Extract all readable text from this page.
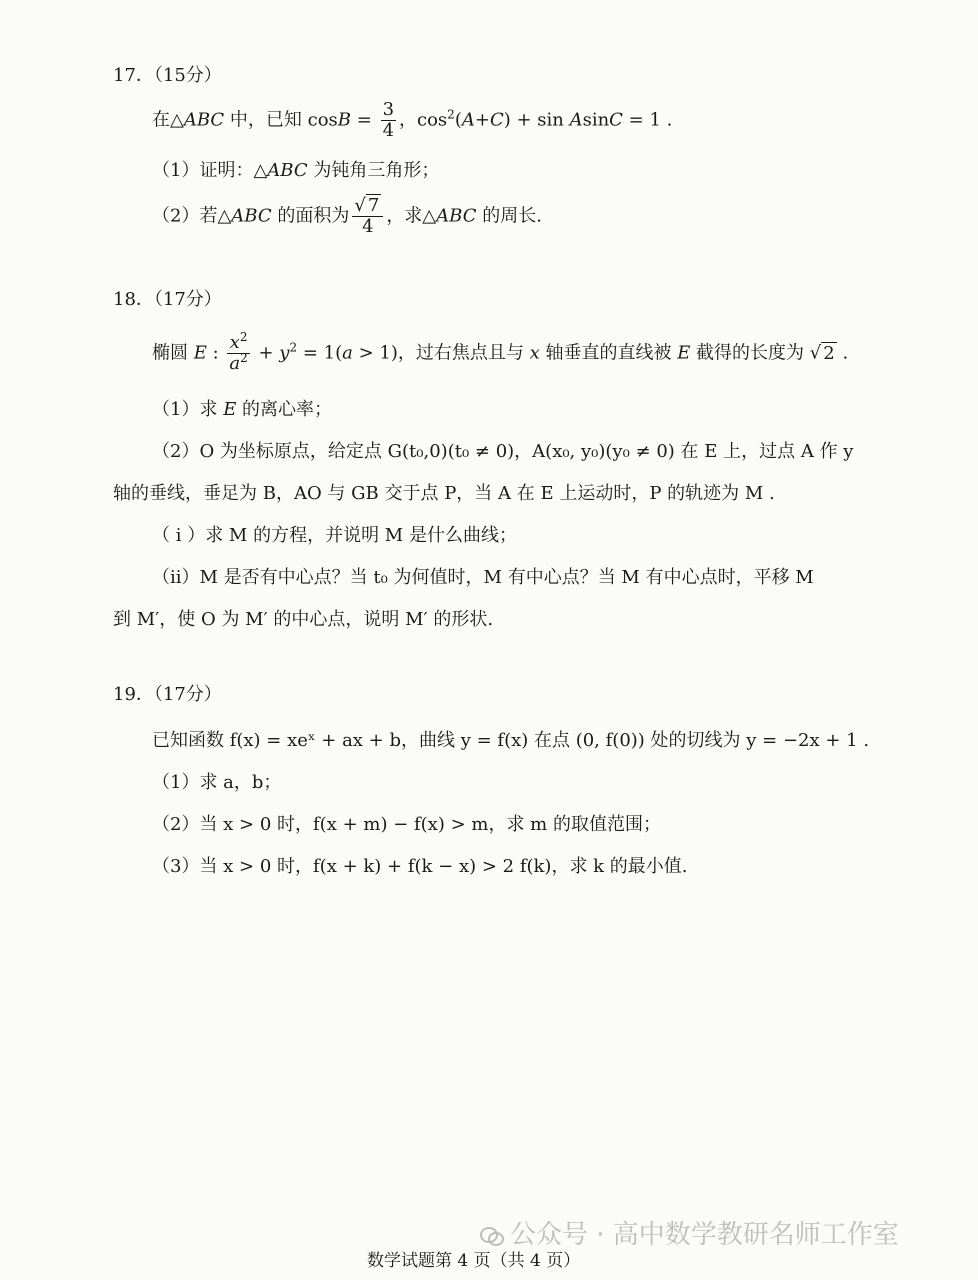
17．（15分）
在△ABC 中，已知 $\cos B = \frac{3}{4}$ ，$\cos^2(A+C) + \sin AsinC = 1$ .
（1）证明：△ABC 为钝角三角形；
（2）若△ABC 的面积为 $\frac{√ 7}{4}$ ，求△ABC 的周长.
18．（17分）
椭圆 E : $\frac{x^2}{a^2} + y^2 = 1(a > 1)$，过右焦点且与 x 轴垂直的直线被 E 截得的长度为 √ 2 .
（1）求 E 的离心率；
（2）O 为坐标原点，给定点 G(t₀,0)(t₀ ≠ 0)，A(x₀, y₀)(y₀ ≠ 0) 在 E 上，过点 A 作 y
轴的垂线，垂足为 B，AO 与 GB 交于点 P，当 A 在 E 上运动时，P 的轨迹为 M .
（ i ）求 M 的方程，并说明 M 是什么曲线；
（ii）M 是否有中心点？当 t₀ 为何值时，M 有中心点？当 M 有中心点时，平移 M
到 M′，使 O 为 M′ 的中心点，说明 M′ 的形状.
19．（17分）
已知函数 f(x) = xeˣ + ax + b，曲线 y = f(x) 在点 (0, f(0)) 处的切线为 y = −2x + 1 .
（1）求 a，b；
（2）当 x > 0 时，f(x + m) − f(x) > m，求 m 的取值范围；
（3）当 x > 0 时，f(x + k) + f(k − x) > 2 f(k)，求 k 的最小值.
公众号 · 高中数学教研名师工作室
数学试题第 4 页（共 4 页）
